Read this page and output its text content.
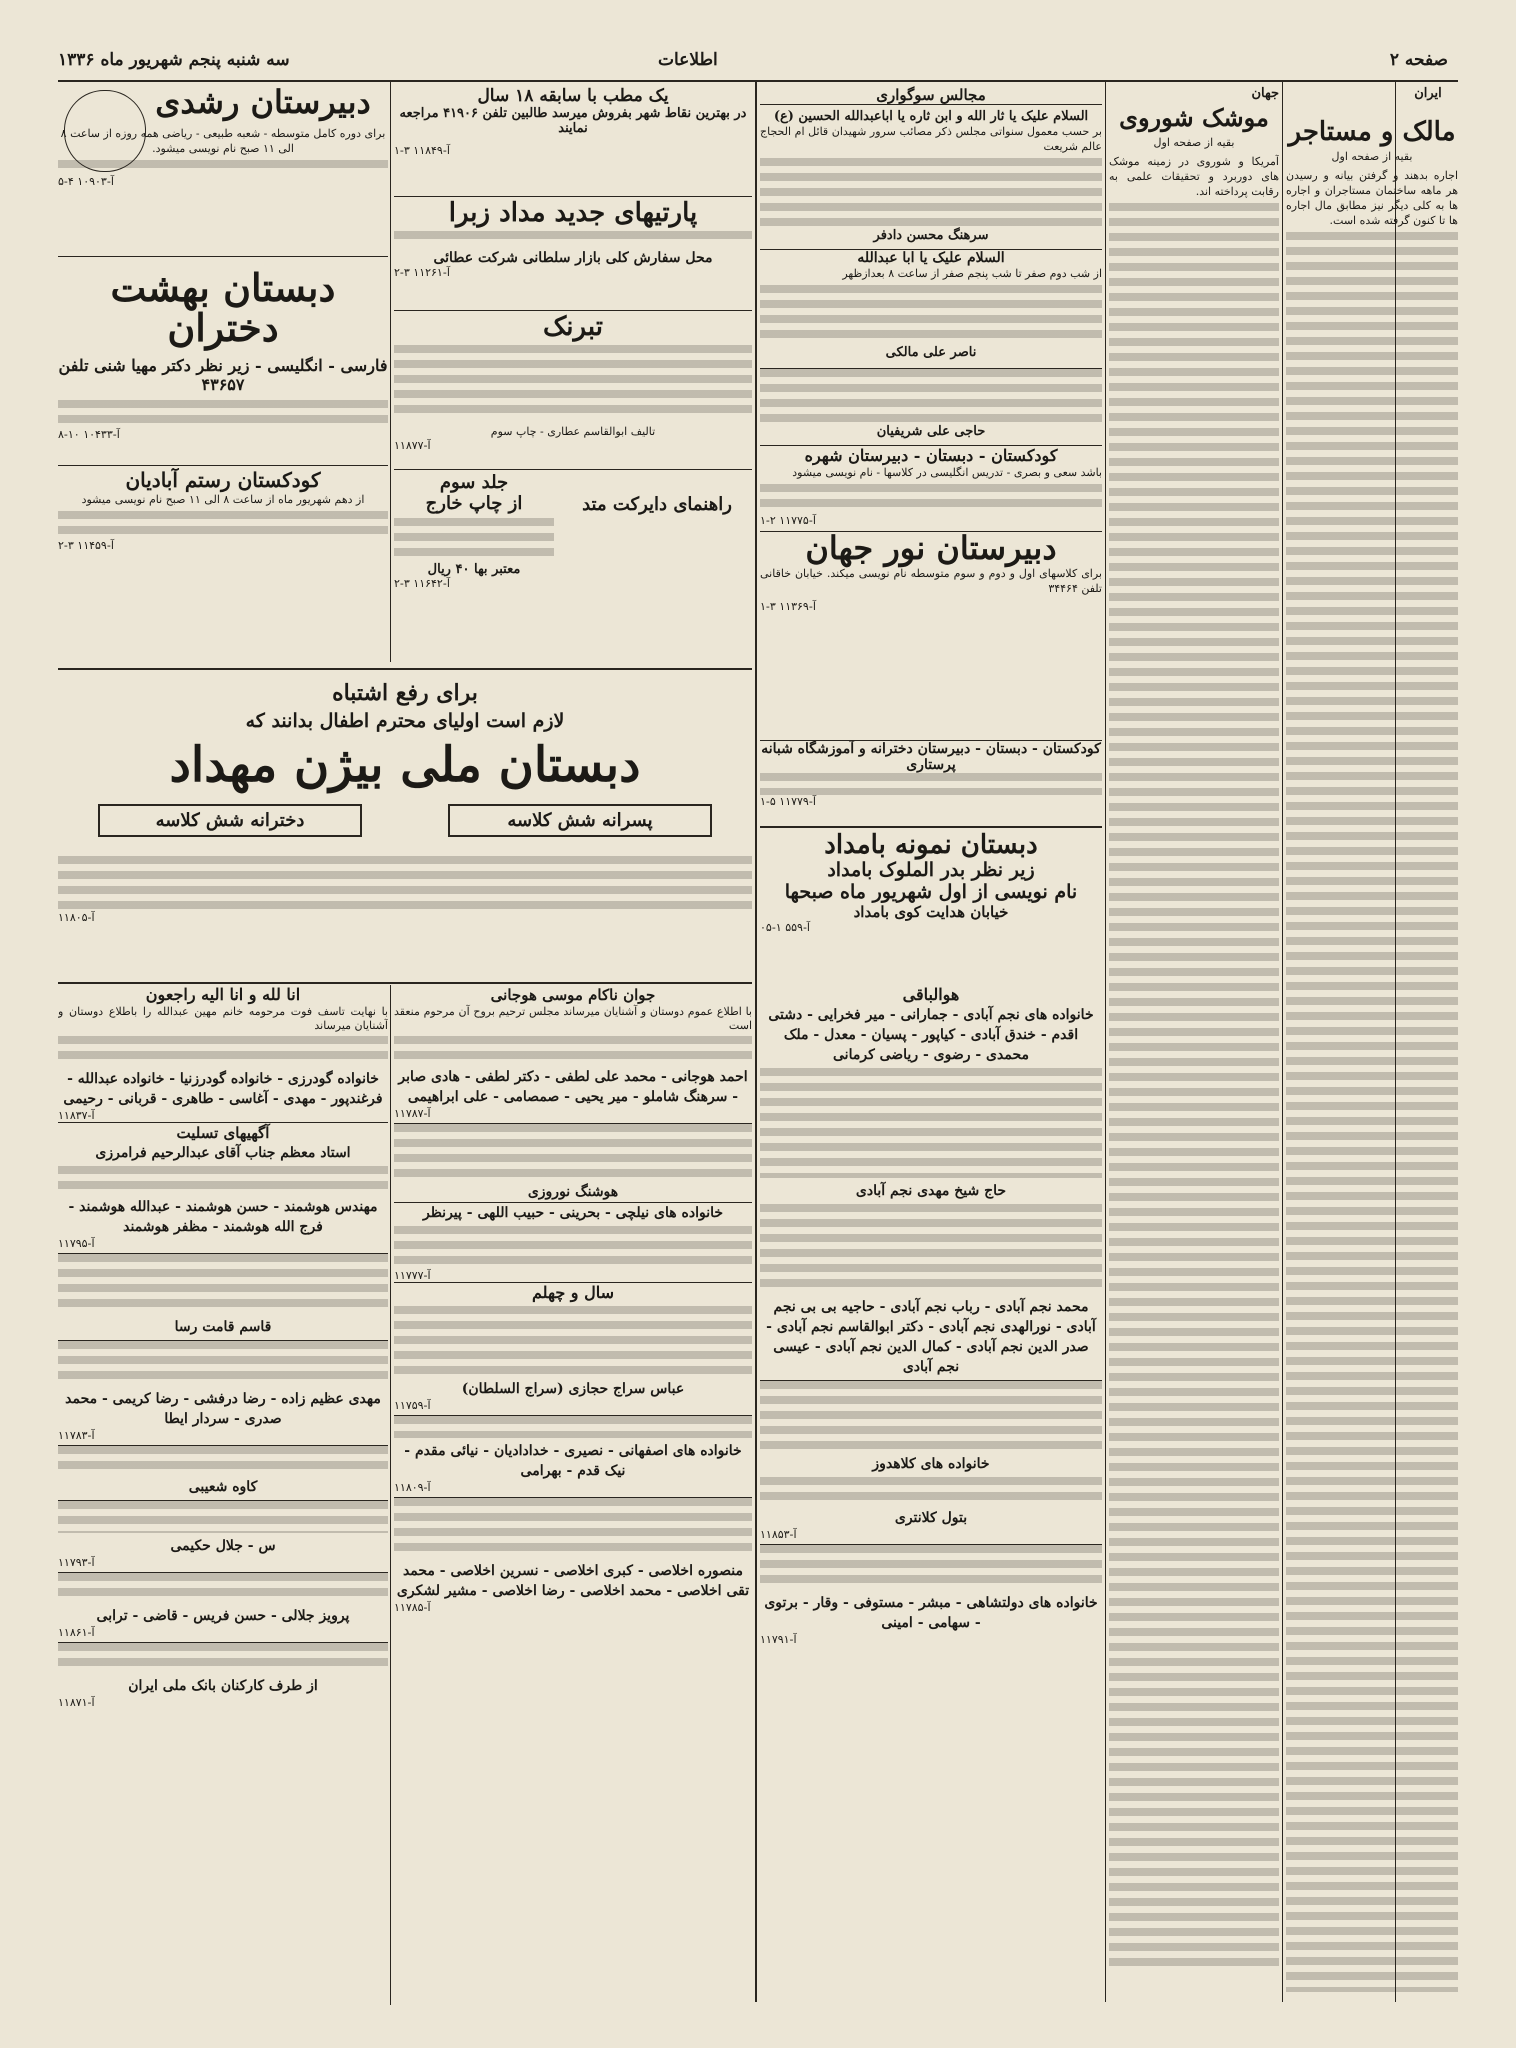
صفحه ۲
اطلاعات
سه شنبه پنجم شهریور ماه ۱۳۳۶
ایران
مالک و مستاجر

بقیه از صفحه اول

اجاره بدهند و گرفتن بیانه و رسیدن هر ماهه ساختمان مستاجران و اجاره ها به کلی دیگر نیز مطابق مال اجاره ها تا کنون گرفته شده است.

جهان
موشک شوروی

بقیه از صفحه اول

آمریکا و شوروی در زمینه موشک های دوربرد و تحقیقات علمی به رقابت پرداخته اند.

مجالس سوگواری
السلام علیک یا ثار الله و ابن ثاره یا اباعبدالله الحسین (ع)

بر حسب معمول سنواتی مجلس ذکر مصائب سرور شهیدان قائل ام الحجاج عالم شریعت

سرهنگ محسن دادفر
السلام علیک یا ابا عبدالله

از شب دوم صفر تا شب پنجم صفر از ساعت ۸ بعدازظهر

ناصر علی مالکی
حاجی علی شریفیان
کودکستان - دبستان - دبیرستان شهره

باشد سعی و بصری - تدریس انگلیسی در کلاسها - نام نویسی میشود

۱-۲ آ-۱۱۷۷۵
دبیرستان نور جهان

برای کلاسهای اول و دوم و سوم متوسطه نام نویسی میکند. خیابان خاقانی تلفن ۳۴۴۶۴

۱-۳ آ-۱۱۳۶۹
کودکستان - دبستان - دبیرستان دخترانه و آموزشگاه شبانه پرستاری
۱-۵ آ-۱۱۷۷۹
دبستان نمونه بامداد
زیر نظر بدر الملوک بامداد
نام نویسی از اول شهریور ماه صبحها
خیابان هدایت کوی بامداد
۰۵-۱ آ-۵۵۹
یک مطب با سابقه ۱۸ سال
در بهترین نقاط شهر بفروش میرسد طالبین تلفن ۴۱۹۰۶ مراجعه نمایند
۱-۳ آ-۱۱۸۴۹
پارتیهای جدید مداد زبرا
محل سفارش کلی بازار سلطانی شرکت عطائی
۲-۳ آ-۱۱۲۶۱
تبرنک
تالیف ابوالقاسم عطاری - چاپ سوم
آ-۱۱۸۷۷
راهنمای دایرکت متد
جلد سوم
از چاپ خارج
معتبر بها ۴۰ ریال
۲-۳ آ-۱۱۶۴۲
دبیرستان رشدی
برای دوره کامل متوسطه - شعبه طبیعی - ریاضی همه روزه از ساعت ۸ الی ۱۱ صبح نام نویسی میشود.
۵-۴ آ-۱۰۹۰۳
دبستان بهشت دختران
فارسی - انگلیسی - زیر نظر دکتر مهیا شنی تلفن ۴۳۶۵۷
۸-۱۰ آ-۱۰۴۳۳
کودکستان رستم آبادیان
از دهم شهریور ماه از ساعت ۸ الی ۱۱ صبح نام نویسی میشود
۲-۳ آ-۱۱۴۵۹
برای رفع اشتباه
لازم است اولیای محترم اطفال بدانند که
دبستان ملی بیژن مهداد
دخترانه شش کلاسه	پسرانه شش کلاسه
آ-۱۱۸۰۵
انا لله و انا الیه راجعون
با نهایت تاسف فوت مرحومه خانم مهین عبدالله را باطلاع دوستان و آشنایان میرساند
خانواده گودرزی - خانواده گودرزنیا - خانواده عبدالله - فرغندپور - مهدی - آغاسی - طاهری - قربانی - رحیمی
آ-۱۱۸۳۷
آگهیهای تسلیت
استاد معظم جناب آقای عبدالرحیم فرامرزی
مهندس هوشمند - حسن هوشمند - عبدالله هوشمند - فرج الله هوشمند - مظفر هوشمند
آ-۱۱۷۹۵
قاسم قامت رسا
مهدی عظیم زاده - رضا درفشی - رضا کریمی - محمد صدری - سردار ایطا
آ-۱۱۷۸۳
کاوه شعیبی
س - جلال حکیمی
آ-۱۱۷۹۳
پرویز جلالی - حسن فریس - قاضی - ترابی
آ-۱۱۸۶۱
از طرف کارکنان بانک ملی ایران
آ-۱۱۸۷۱
جوان ناکام موسی هوجانی
با اطلاع عموم دوستان و آشنایان میرساند مجلس ترحیم بروح آن مرحوم منعقد است
احمد هوجانی - محمد علی لطفی - دکتر لطفی - هادی صابر - سرهنگ شاملو - میر یحیی - صمصامی - علی ابراهیمی
آ-۱۱۷۸۷
هوشنگ نوروزی
خانواده های نیلچی - بحرینی - حبیب اللهی - پیرنظر
آ-۱۱۷۷۷
سال و چهلم
عباس سراج حجازی (سراج السلطان)
آ-۱۱۷۵۹
خانواده های اصفهانی - نصیری - خدادادیان - نیائی مقدم - نیک قدم - بهرامی
آ-۱۱۸۰۹
منصوره اخلاصی - کبری اخلاصی - نسرین اخلاصی - محمد تقی اخلاصی - محمد اخلاصی - رضا اخلاصی - مشیر لشکری
آ-۱۱۷۸۵
هوالباقی
خانواده های نجم آبادی - جمارانی - میر فخرایی - دشتی اقدم - خندق آبادی - کیاپور - پسیان - معدل - ملک محمدی - رضوی - ریاضی کرمانی
حاج شیخ مهدی نجم آبادی
محمد نجم آبادی - رباب نجم آبادی - حاجیه بی بی نجم آبادی - نورالهدی نجم آبادی - دکتر ابوالقاسم نجم آبادی - صدر الدین نجم آبادی - کمال الدین نجم آبادی - عیسی نجم آبادی
خانواده های کلاهدوز
بتول کلانتری
آ-۱۱۸۵۳
خانواده های دولتشاهی - مبشر - مستوفی - وقار - برتوی - سهامی - امینی
آ-۱۱۷۹۱
